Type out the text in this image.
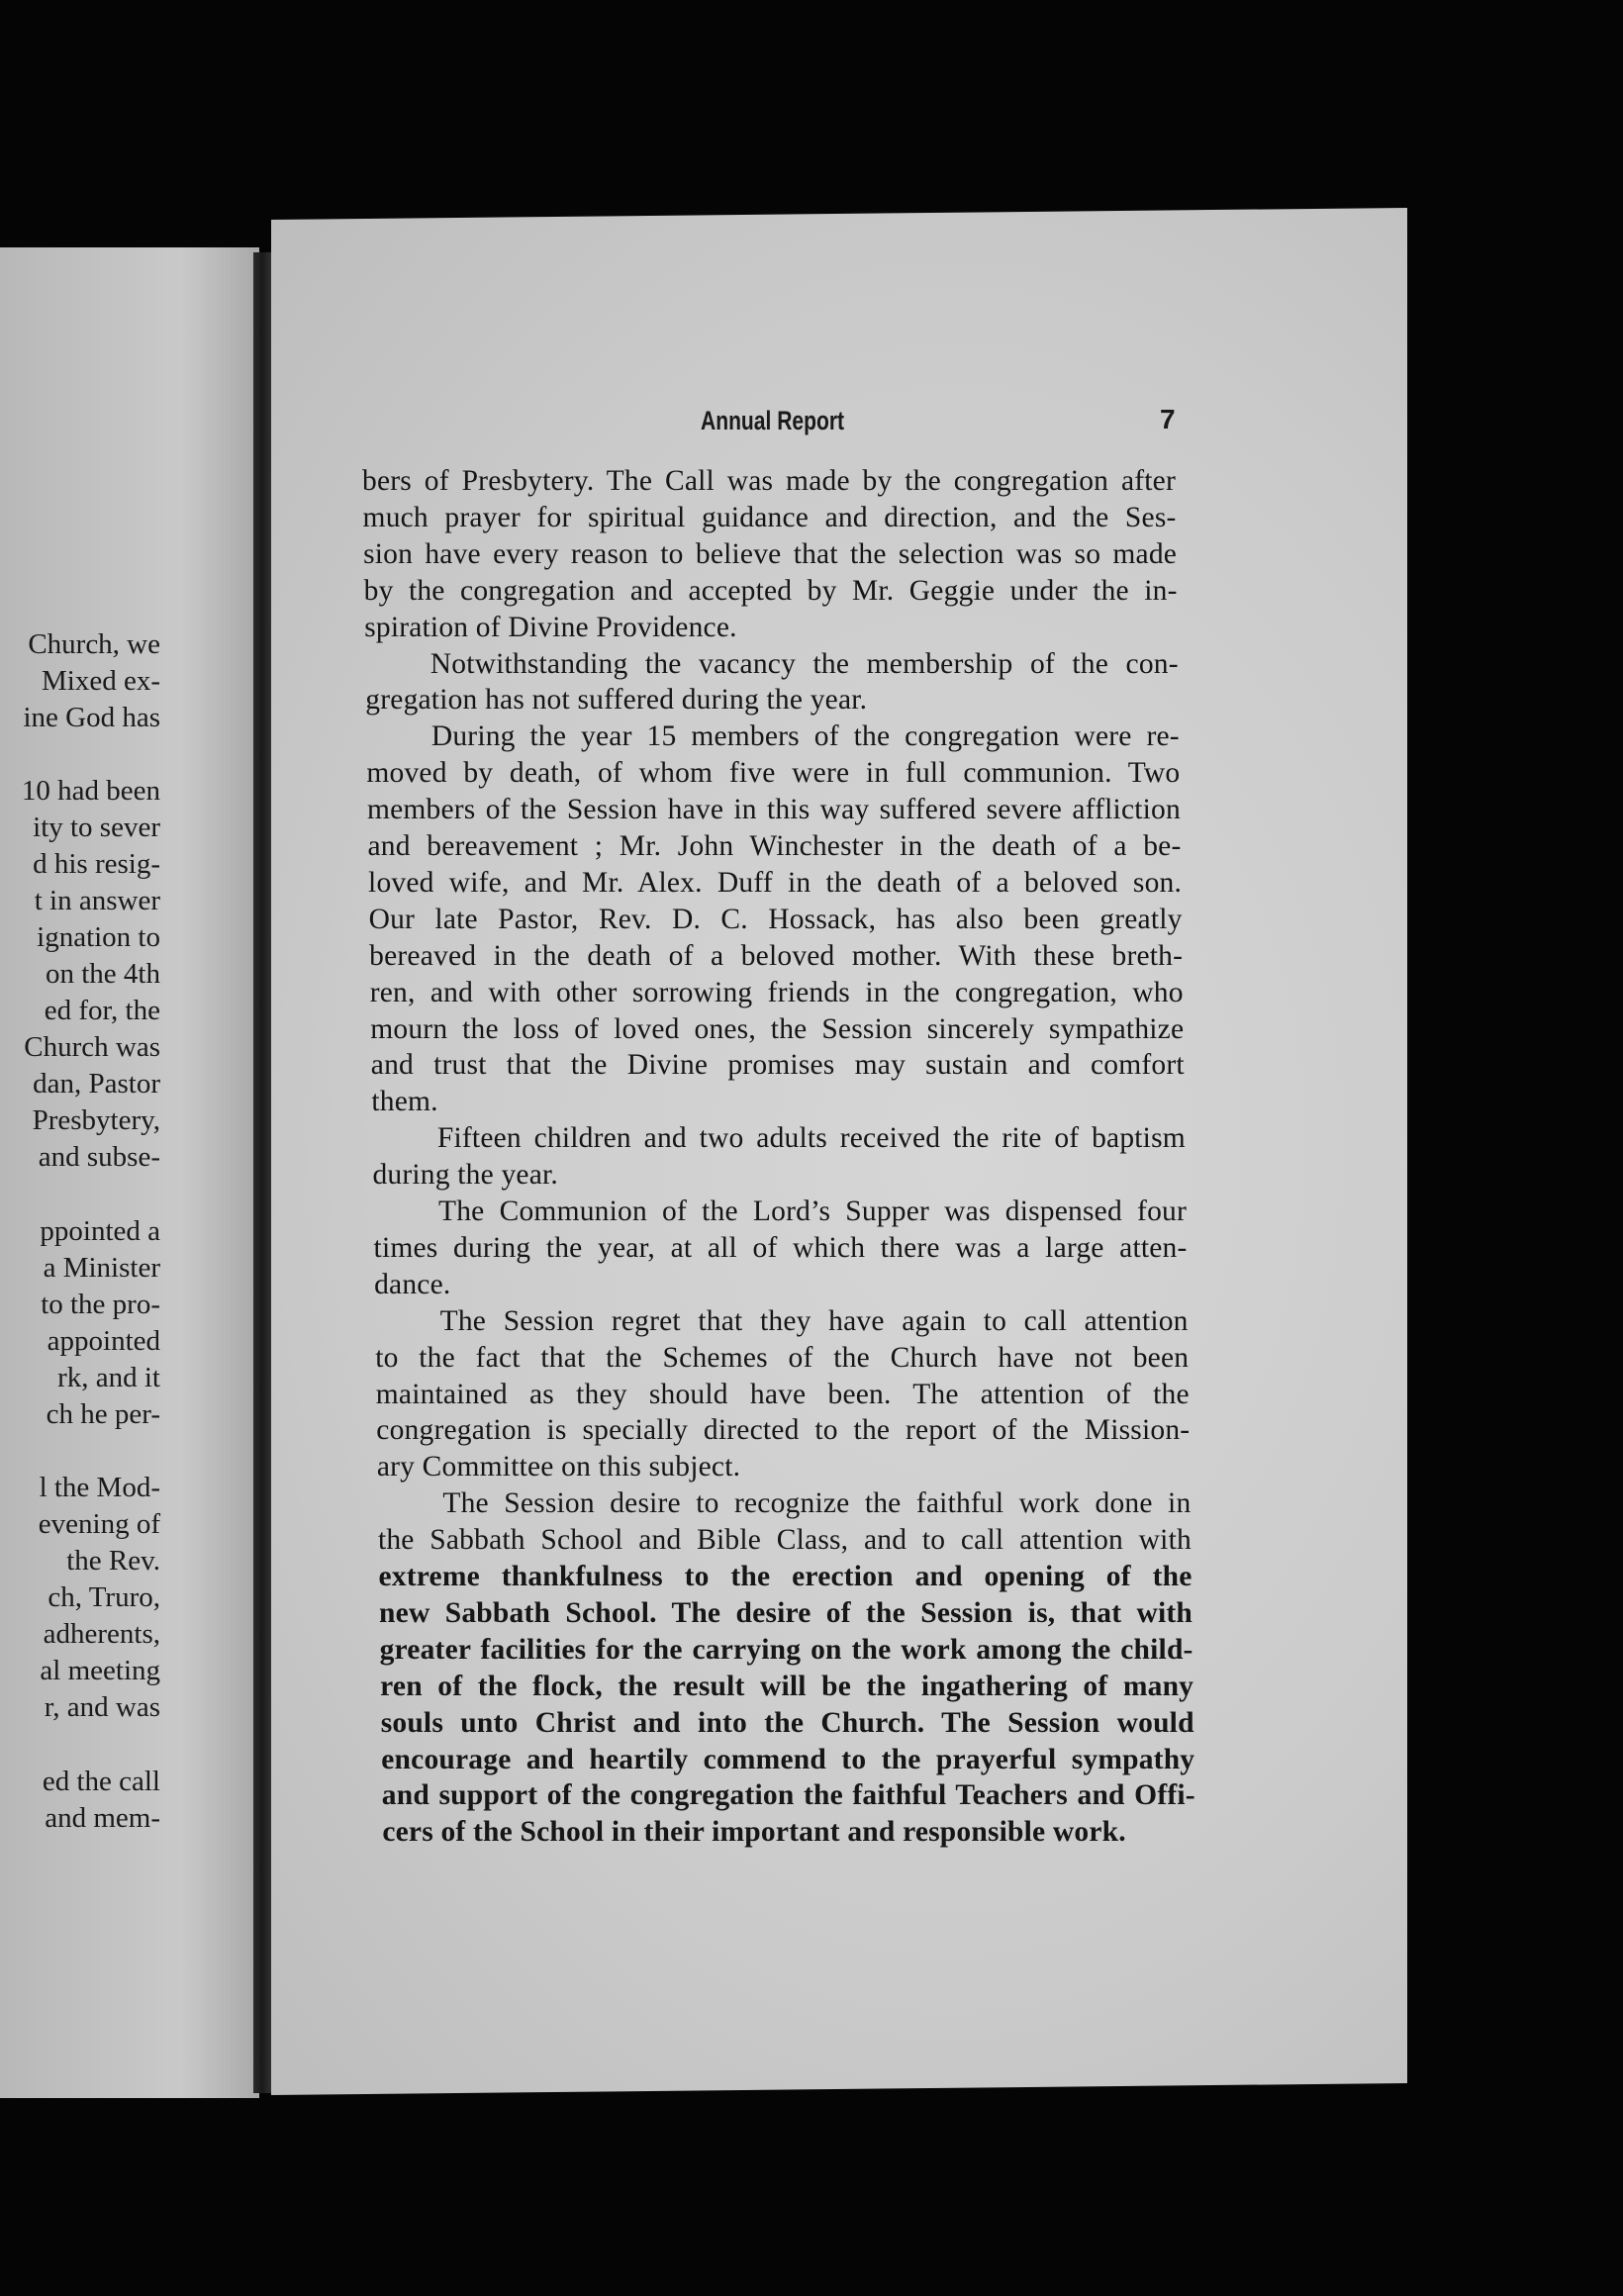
Church, we
Mixed ex-
ine God has
10 had been
ity to sever
d his resig-
t in answer
ignation to
on the 4th
ed for, the
Church was
dan, Pastor
Presbytery,
and subse-
ppointed a
a Minister
to the pro-
appointed
rk, and it
ch he per-
l the Mod-
evening of
the Rev.
ch, Truro,
adherents,
al meeting
r, and was
ed the call
and mem-
Annual Report	7
bers of Presbytery. The Call was made by the congregation after
much prayer for spiritual guidance and direction, and the Ses-
sion have every reason to believe that the selection was so made
by the congregation and accepted by Mr. Geggie under the in-
spiration of Divine Providence.
Notwithstanding the vacancy the membership of the con-
gregation has not suffered during the year.
During the year 15 members of the congregation were re-
moved by death, of whom five were in full communion. Two
members of the Session have in this way suffered severe affliction
and bereavement ; Mr. John Winchester in the death of a be-
loved wife, and Mr. Alex. Duff in the death of a beloved son.
Our late Pastor, Rev. D. C. Hossack, has also been greatly
bereaved in the death of a beloved mother. With these breth-
ren, and with other sorrowing friends in the congregation, who
mourn the loss of loved ones, the Session sincerely sympathize
and trust that the Divine promises may sustain and comfort
them.
Fifteen children and two adults received the rite of baptism
during the year.
The Communion of the Lord’s Supper was dispensed four
times during the year, at all of which there was a large atten-
dance.
The Session regret that they have again to call attention
to the fact that the Schemes of the Church have not been
maintained as they should have been. The attention of the
congregation is specially directed to the report of the Mission-
ary Committee on this subject.
The Session desire to recognize the faithful work done in
the Sabbath School and Bible Class, and to call attention with
extreme thankfulness to the erection and opening of the
new Sabbath School. The desire of the Session is, that with
greater facilities for the carrying on the work among the child-
ren of the flock, the result will be the ingathering of many
souls unto Christ and into the Church. The Session would
encourage and heartily commend to the prayerful sympathy
and support of the congregation the faithful Teachers and Offi-
cers of the School in their important and responsible work.
